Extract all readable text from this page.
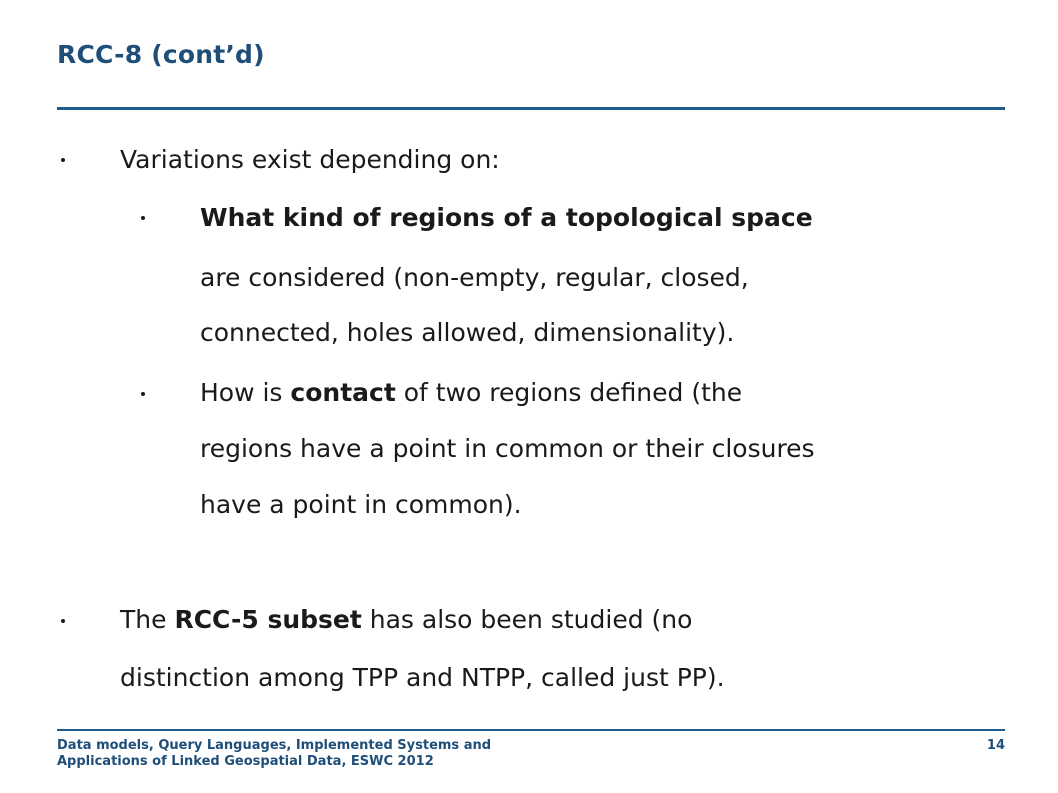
RCC-8 (cont’d)
Variations exist depending on:
What kind of regions of a topological space
are considered (non-empty, regular, closed,
connected, holes allowed, dimensionality).
How is contact of two regions defined (the
regions have a point in common or their closures
have a point in common).
The RCC-5 subset has also been studied (no
distinction among TPP and NTPP, called just PP).
Data models, Query Languages, Implemented Systems and
Applications of Linked Geospatial Data, ESWC 2012
14
